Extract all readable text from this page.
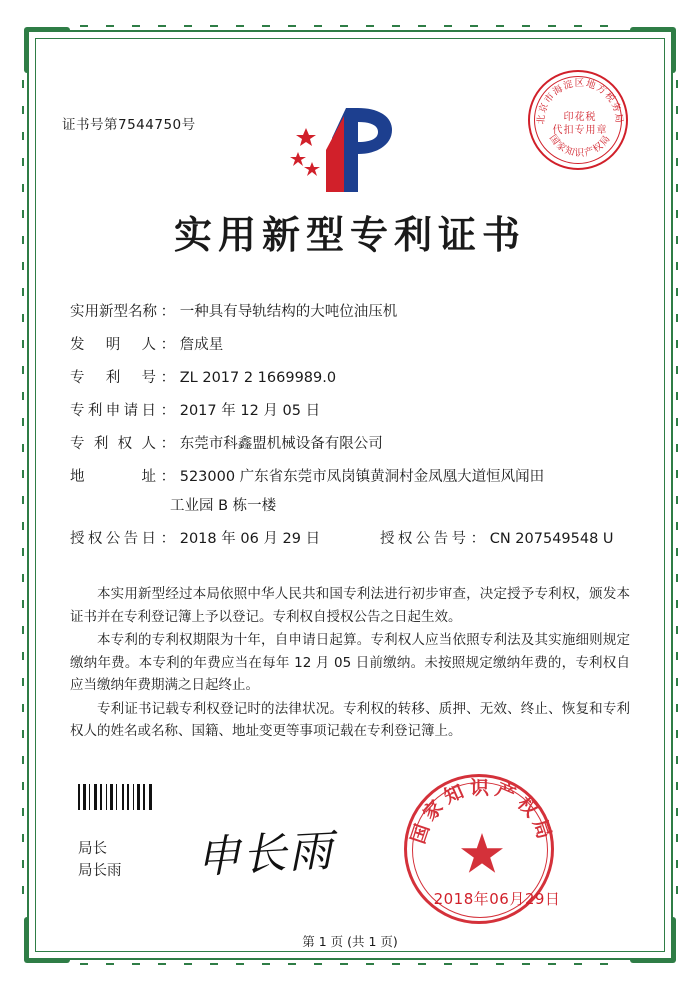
证书号第7544750号	北京市海淀区地方税务局
国家知识产权局
印花税
代扣专用章
实用新型专利证书
实用新型名称 ： 一种具有导轨结构的大吨位油压机
发明人 ： 詹成星
专利号 ： ZL 2017 2 1669989.0
专利申请日 ： 2017 年 12 月 05 日
专利权人 ： 东莞市科鑫盟机械设备有限公司
地址 ： 523000 广东省东莞市凤岗镇黄洞村金凤凰大道恒风闻田
工业园 B 栋一楼
授权公告日 ： 2018 年 06 月 29 日	授权公告号 ： CN 207549548 U

本实用新型经过本局依照中华人民共和国专利法进行初步审查，决定授予专利权，颁发本证书并在专利登记簿上予以登记。专利权自授权公告之日起生效。

本专利的专利权期限为十年，自申请日起算。专利权人应当依照专利法及其实施细则规定缴纳年费。本专利的年费应当在每年 12 月 05 日前缴纳。未按照规定缴纳年费的，专利权自应当缴纳年费期满之日起终止。

专利证书记载专利权登记时的法律状况。专利权的转移、质押、无效、终止、恢复和专利权人的姓名或名称、国籍、地址变更等事项记载在专利登记簿上。

局长
局长雨 申长雨	国家知识产权局
2018年06月29日
第 1 页 (共 1 页)
